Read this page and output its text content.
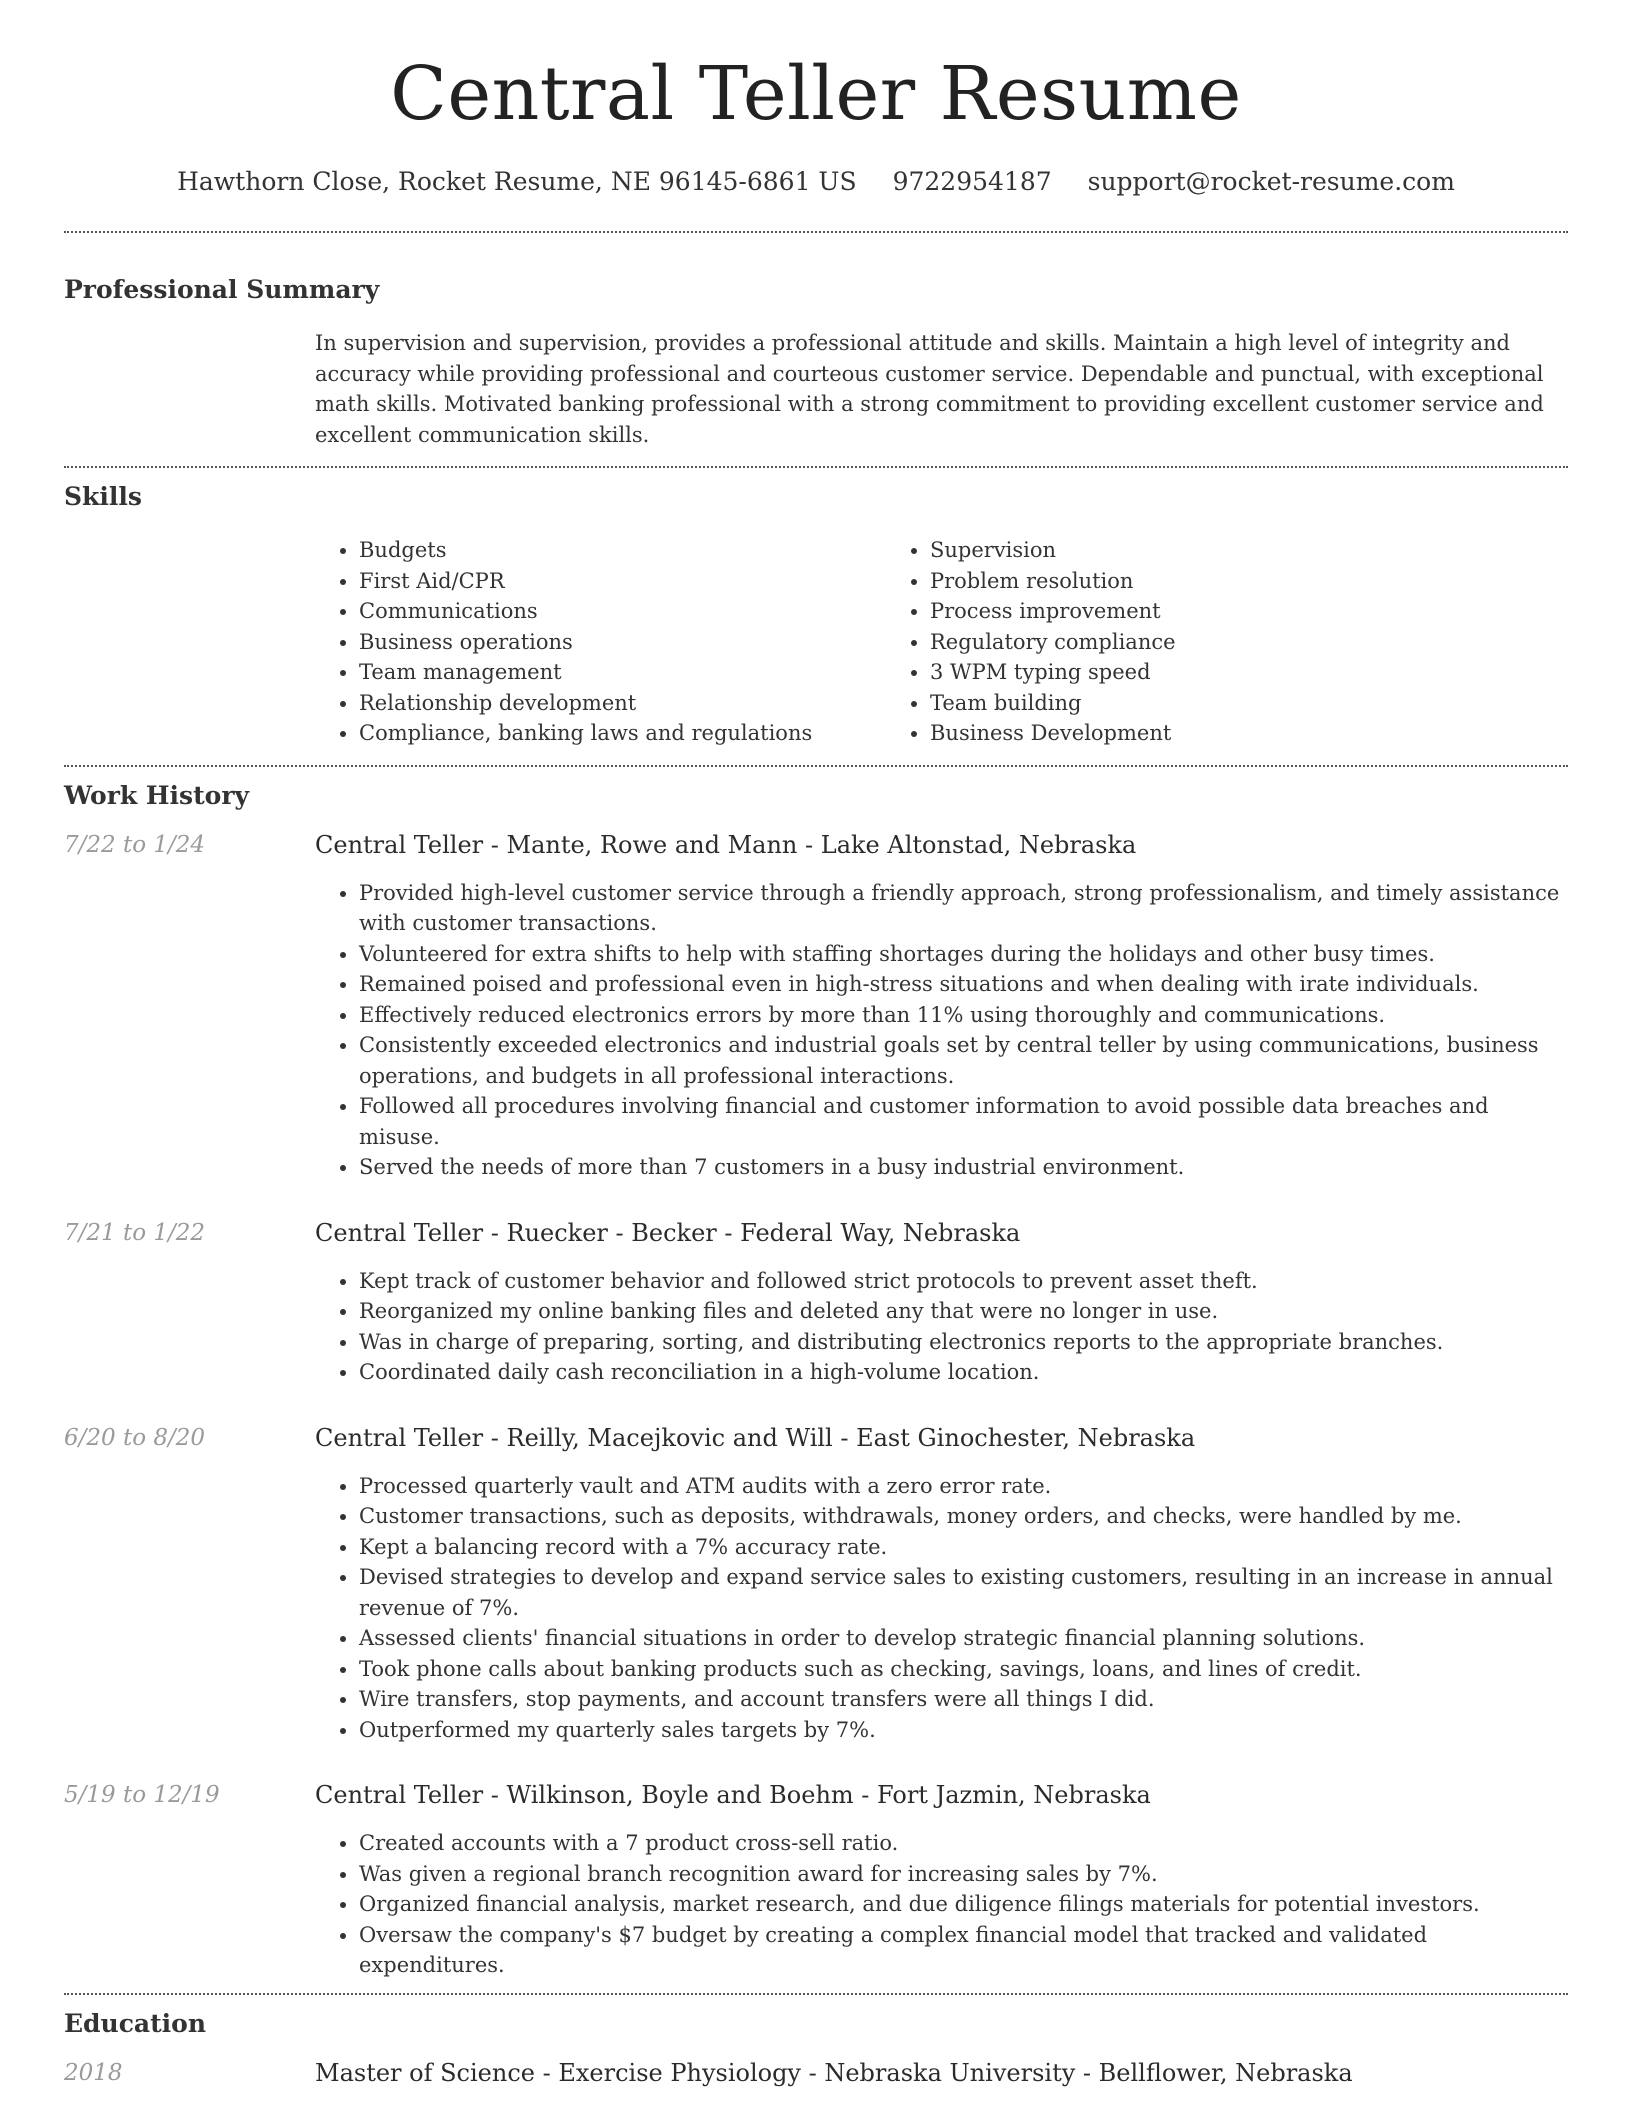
Central Teller Resume
Hawthorn Close, Rocket Resume, NE 96145-6861 US 9722954187 support@rocket-resume.com
Professional Summary

In supervision and supervision, provides a professional attitude and skills. Maintain a high level of integrity and accuracy while providing professional and courteous customer service. Dependable and punctual, with exceptional math skills. Motivated banking professional with a strong commitment to providing excellent customer service and excellent communication skills.

Skills
• Budgets
• First Aid/CPR
• Communications
• Business operations
• Team management
• Relationship development
• Compliance, banking laws and regulations
• Supervision
• Problem resolution
• Process improvement
• Regulatory compliance
• 3 WPM typing speed
• Team building
• Business Development
Work History
7/22 to 1/24	Central Teller - Mante, Rowe and Mann - Lake Altonstad, Nebraska
• Provided high-level customer service through a friendly approach, strong professionalism, and timely assistance with customer transactions.
• Volunteered for extra shifts to help with staffing shortages during the holidays and other busy times.
• Remained poised and professional even in high-stress situations and when dealing with irate individuals.
• Effectively reduced electronics errors by more than 11% using thoroughly and communications.
• Consistently exceeded electronics and industrial goals set by central teller by using communications, business operations, and budgets in all professional interactions.
• Followed all procedures involving financial and customer information to avoid possible data breaches and misuse.
• Served the needs of more than 7 customers in a busy industrial environment.
7/21 to 1/22	Central Teller - Ruecker - Becker - Federal Way, Nebraska
• Kept track of customer behavior and followed strict protocols to prevent asset theft.
• Reorganized my online banking files and deleted any that were no longer in use.
• Was in charge of preparing, sorting, and distributing electronics reports to the appropriate branches.
• Coordinated daily cash reconciliation in a high-volume location.
6/20 to 8/20	Central Teller - Reilly, Macejkovic and Will - East Ginochester, Nebraska
• Processed quarterly vault and ATM audits with a zero error rate.
• Customer transactions, such as deposits, withdrawals, money orders, and checks, were handled by me.
• Kept a balancing record with a 7% accuracy rate.
• Devised strategies to develop and expand service sales to existing customers, resulting in an increase in annual revenue of 7%.
• Assessed clients' financial situations in order to develop strategic financial planning solutions.
• Took phone calls about banking products such as checking, savings, loans, and lines of credit.
• Wire transfers, stop payments, and account transfers were all things I did.
• Outperformed my quarterly sales targets by 7%.
5/19 to 12/19	Central Teller - Wilkinson, Boyle and Boehm - Fort Jazmin, Nebraska
• Created accounts with a 7 product cross-sell ratio.
• Was given a regional branch recognition award for increasing sales by 7%.
• Organized financial analysis, market research, and due diligence filings materials for potential investors.
• Oversaw the company's $7 budget by creating a complex financial model that tracked and validated expenditures.
Education
2018	Master of Science - Exercise Physiology - Nebraska University - Bellflower, Nebraska
